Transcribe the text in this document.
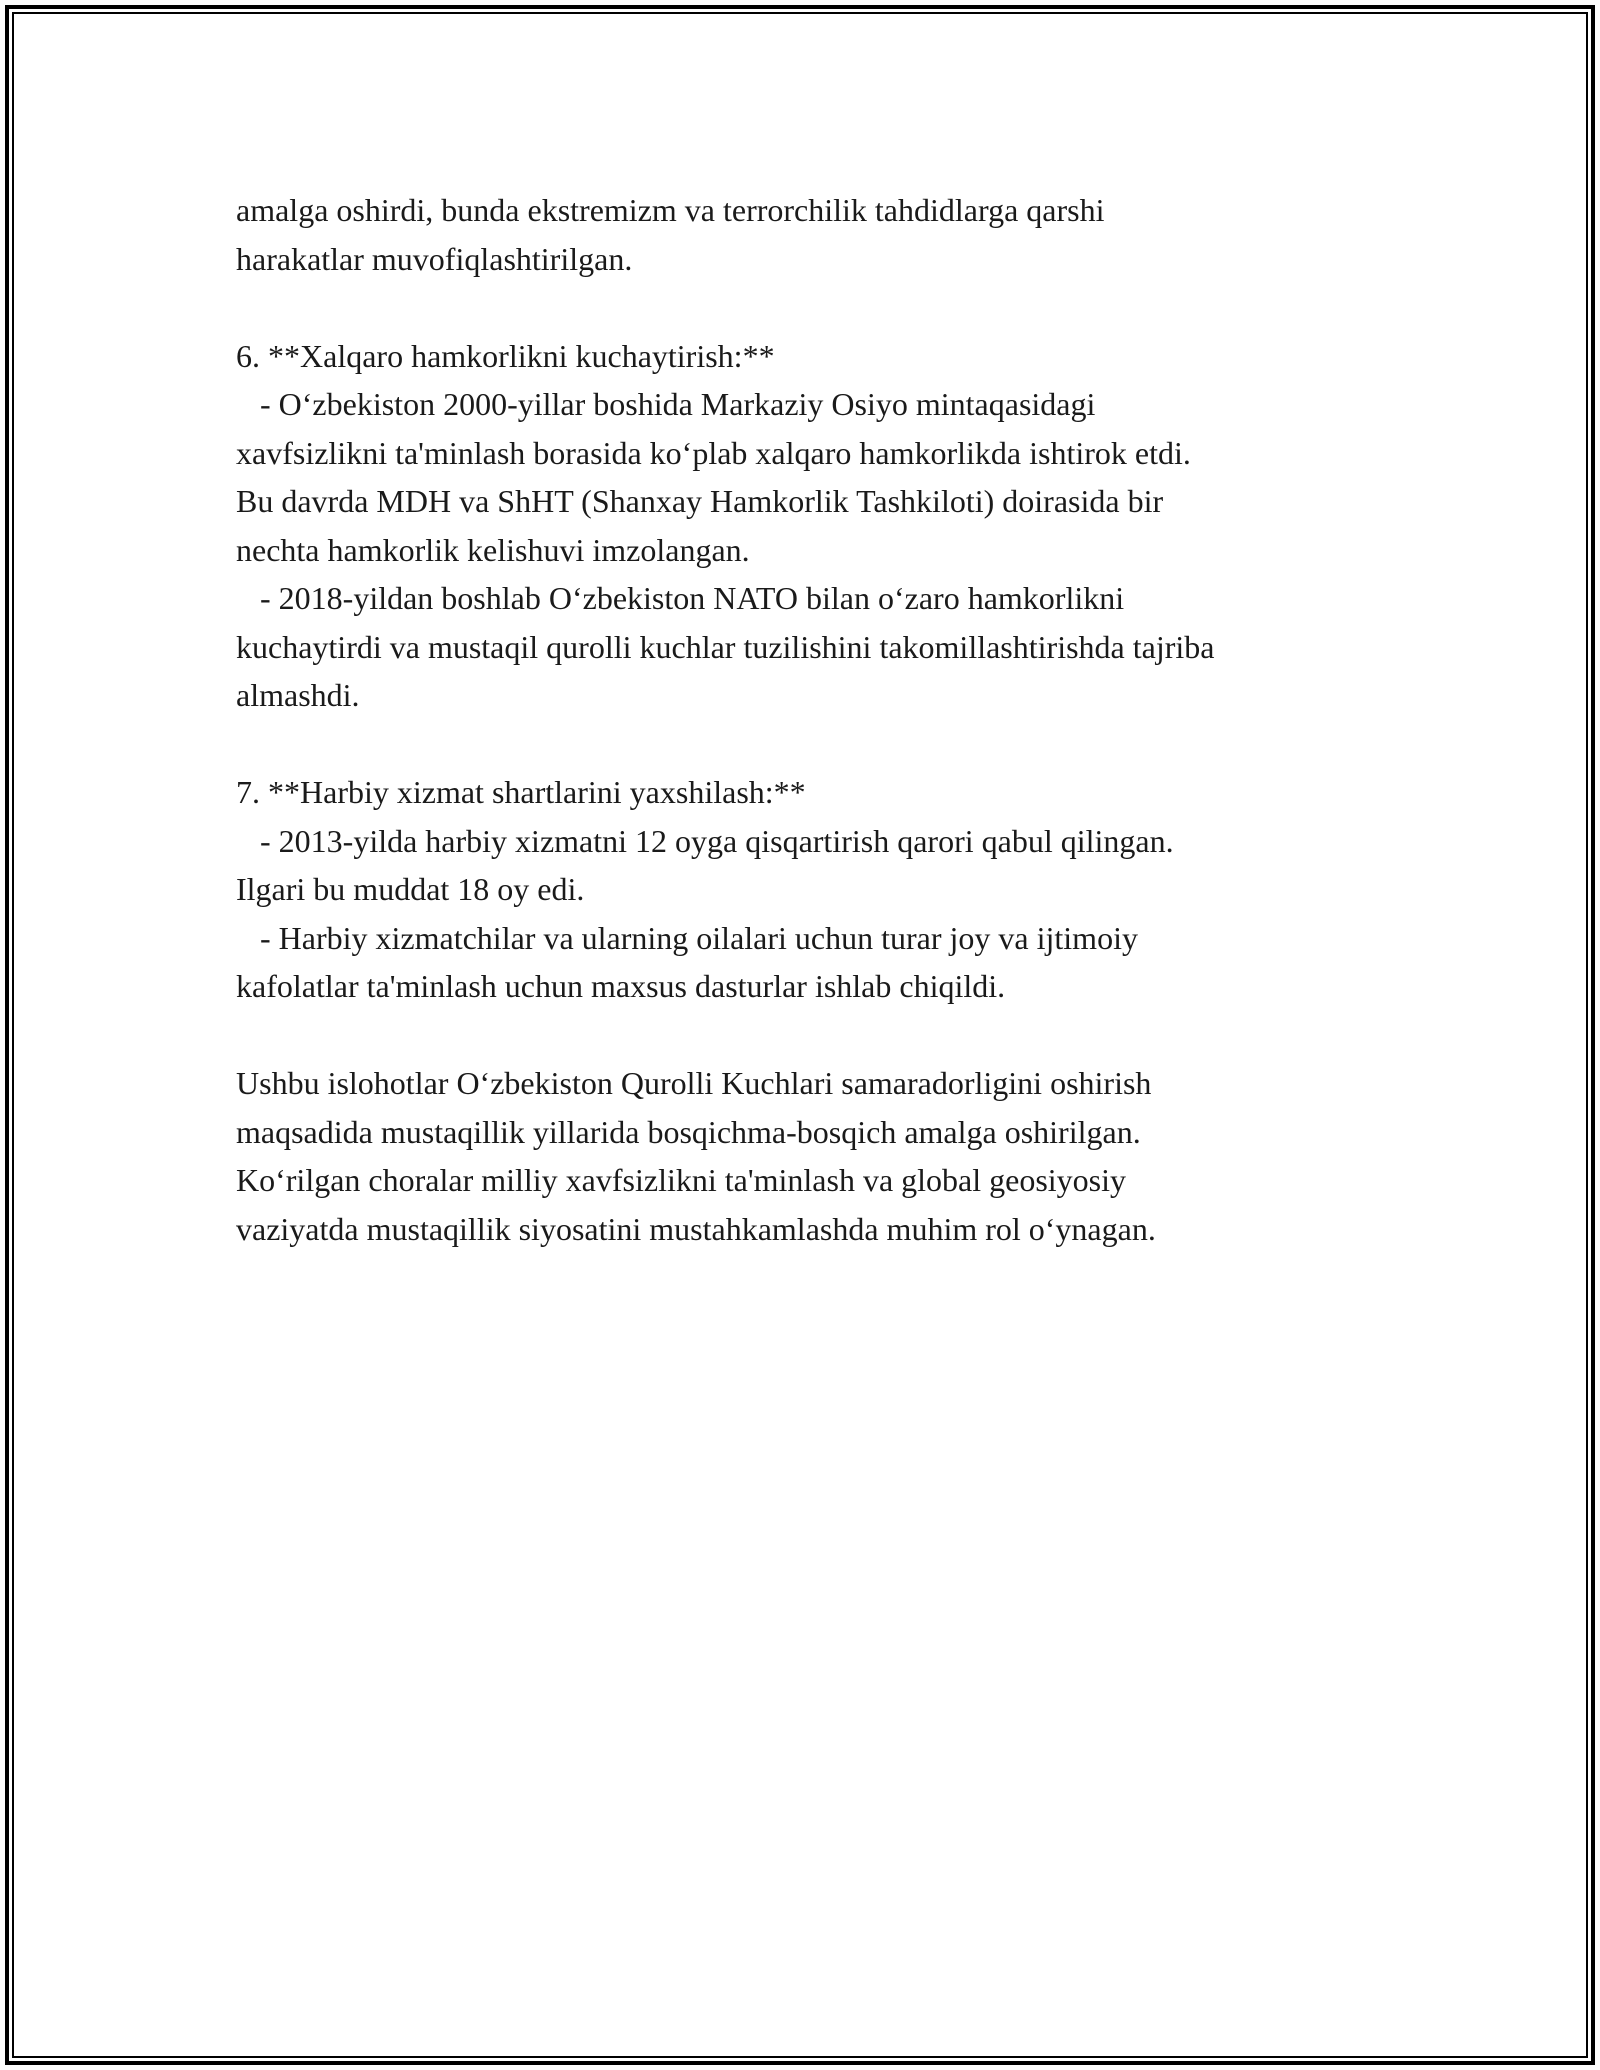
amalga oshirdi, bunda ekstremizm va terrorchilik tahdidlarga qarshi
harakatlar muvofiqlashtirilgan.
6. **Xalqaro hamkorlikni kuchaytirish:**
- O‘zbekiston 2000-yillar boshida Markaziy Osiyo mintaqasidagi
xavfsizlikni ta'minlash borasida ko‘plab xalqaro hamkorlikda ishtirok etdi.
Bu davrda MDH va ShHT (Shanxay Hamkorlik Tashkiloti) doirasida bir
nechta hamkorlik kelishuvi imzolangan.
- 2018-yildan boshlab O‘zbekiston NATO bilan o‘zaro hamkorlikni
kuchaytirdi va mustaqil qurolli kuchlar tuzilishini takomillashtirishda tajriba
almashdi.
7. **Harbiy xizmat shartlarini yaxshilash:**
- 2013-yilda harbiy xizmatni 12 oyga qisqartirish qarori qabul qilingan.
Ilgari bu muddat 18 oy edi.
- Harbiy xizmatchilar va ularning oilalari uchun turar joy va ijtimoiy
kafolatlar ta'minlash uchun maxsus dasturlar ishlab chiqildi.
Ushbu islohotlar O‘zbekiston Qurolli Kuchlari samaradorligini oshirish
maqsadida mustaqillik yillarida bosqichma-bosqich amalga oshirilgan.
Ko‘rilgan choralar milliy xavfsizlikni ta'minlash va global geosiyosiy
vaziyatda mustaqillik siyosatini mustahkamlashda muhim rol o‘ynagan.
